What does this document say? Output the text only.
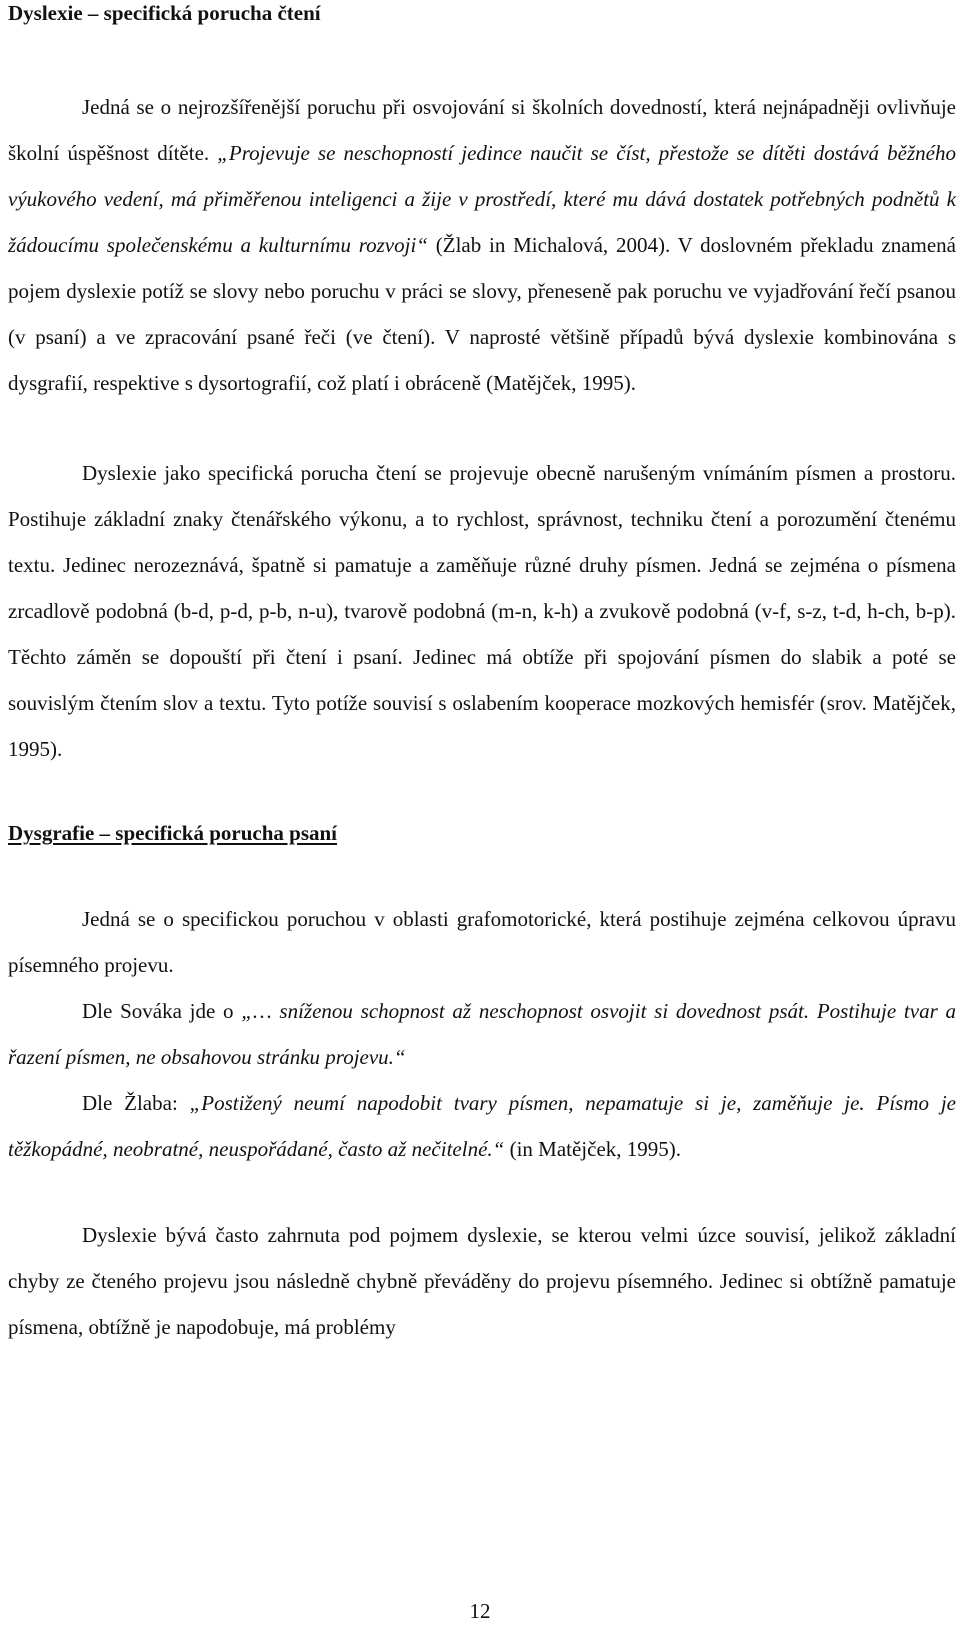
Dyslexie – specifická porucha čtení

Jedná se o nejrozšířenější poruchu při osvojování si školních dovedností, která nejnápadněji ovlivňuje školní úspěšnost dítěte. „Projevuje se neschopností jedince naučit se číst, přestože se dítěti dostává běžného výukového vedení, má přiměřenou inteligenci a žije v prostředí, které mu dává dostatek potřebných podnětů k žádoucímu společenskému a kulturnímu rozvoji“ (Žlab in Michalová, 2004). V doslovném překladu znamená pojem dyslexie potíž se slovy nebo poruchu v práci se slovy, přeneseně pak poruchu ve vyjadřování řečí psanou (v psaní) a ve zpracování psané řeči (ve čtení). V naprosté většině případů bývá dyslexie kombinována s dysgrafií, respektive s dysortografií, což platí i obráceně (Matějček, 1995).

Dyslexie jako specifická porucha čtení se projevuje obecně narušeným vnímáním písmen a prostoru. Postihuje základní znaky čtenářského výkonu, a to rychlost, správnost, techniku čtení a porozumění čtenému textu. Jedinec nerozeznává, špatně si pamatuje a zaměňuje různé druhy písmen. Jedná se zejména o písmena zrcadlově podobná (b-d, p-d, p-b, n-u), tvarově podobná (m-n, k-h) a zvukově podobná (v-f, s-z, t-d, h-ch, b-p). Těchto záměn se dopouští při čtení i psaní. Jedinec má obtíže při spojování písmen do slabik a poté se souvislým čtením slov a textu. Tyto potíže souvisí s oslabením kooperace mozkových hemisfér (srov. Matějček, 1995).

Dysgrafie – specifická porucha psaní

Jedná se o specifickou poruchou v oblasti grafomotorické, která postihuje zejména celkovou úpravu písemného projevu.

Dle Sováka jde o „… sníženou schopnost až neschopnost osvojit si dovednost psát. Postihuje tvar a řazení písmen, ne obsahovou stránku projevu.“

Dle Žlaba: „Postižený neumí napodobit tvary písmen, nepamatuje si je, zaměňuje je. Písmo je těžkopádné, neobratné, neuspořádané, často až nečitelné.“ (in Matějček, 1995).

Dyslexie bývá často zahrnuta pod pojmem dyslexie, se kterou velmi úzce souvisí, jelikož základní chyby ze čteného projevu jsou následně chybně převáděny do projevu písemného. Jedinec si obtížně pamatuje písmena, obtížně je napodobuje, má problémy

12
